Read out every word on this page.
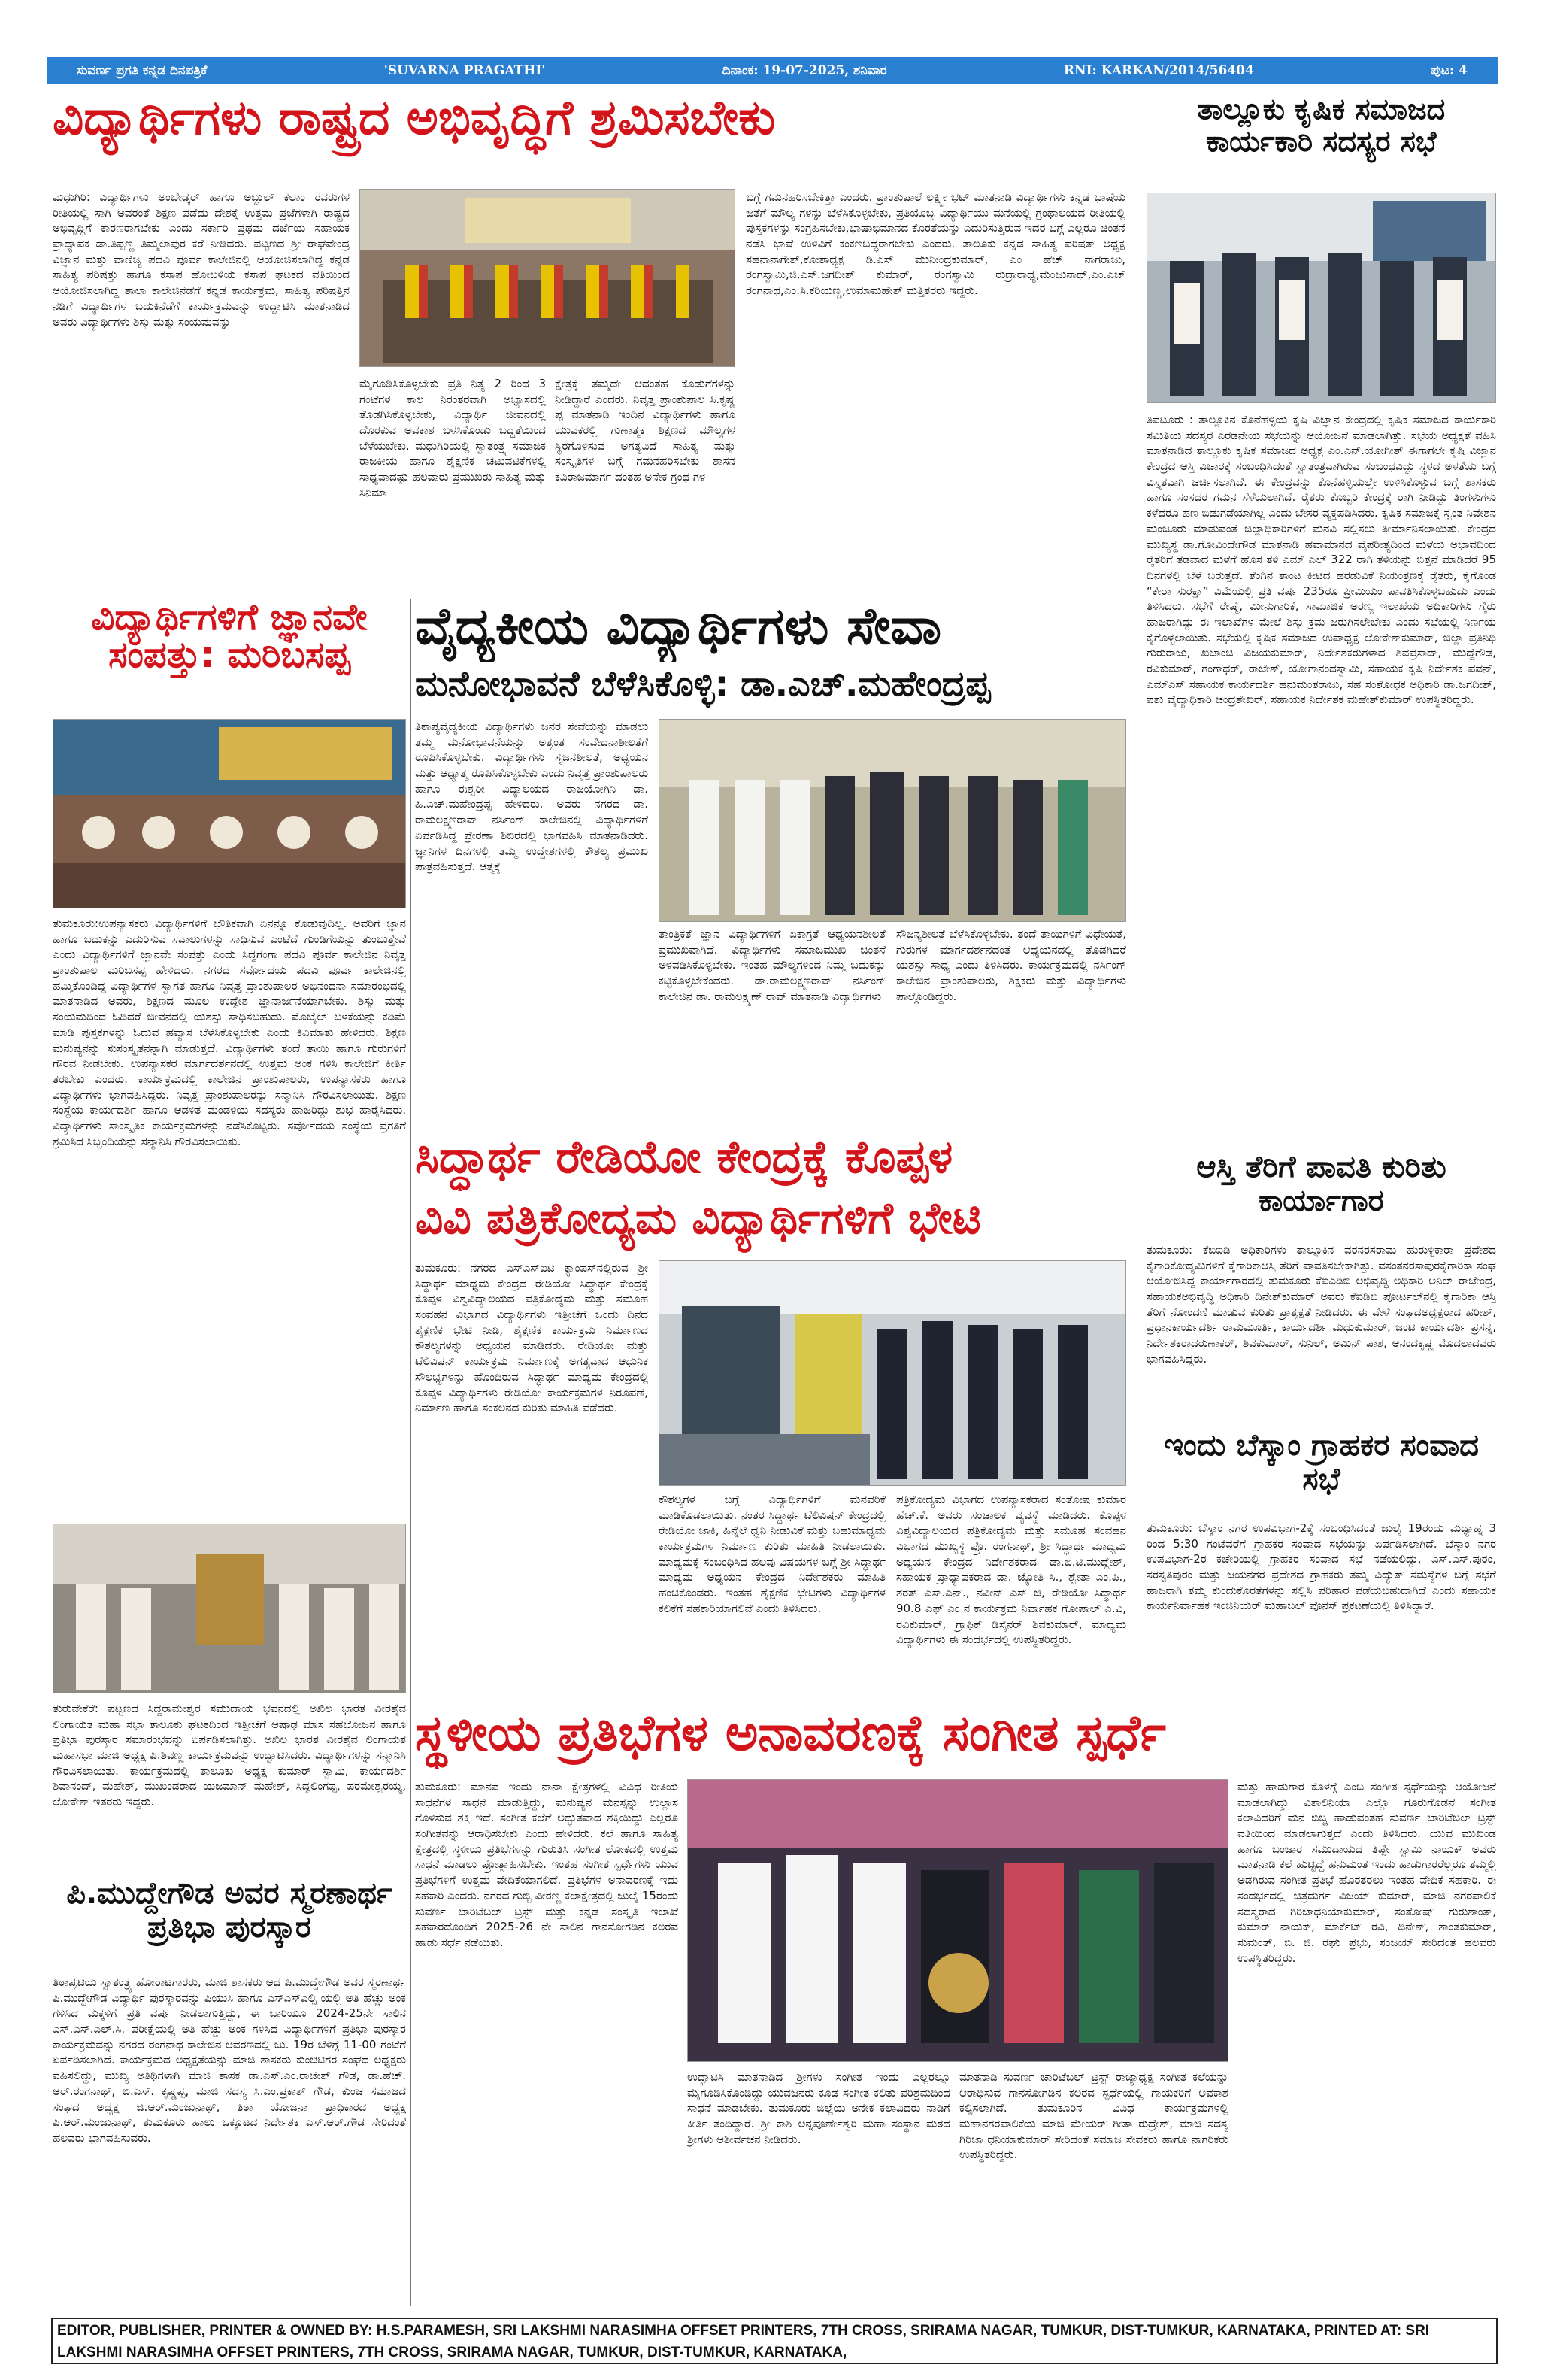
ಸುವರ್ಣ ಪ್ರಗತಿ ಕನ್ನಡ ದಿನಪತ್ರಿಕೆ	'SUVARNA PRAGATHI'	ದಿನಾಂಕ: 19-07-2025, ಶನಿವಾರ	RNI: KARKAN/2014/56404	ಪುಟ: 4
ವಿದ್ಯಾರ್ಥಿಗಳು ರಾಷ್ಟ್ರದ ಅಭಿವೃದ್ಧಿಗೆ ಶ್ರಮಿಸಬೇಕು
ಮಧುಗಿರಿ: ವಿದ್ಯಾರ್ಥಿಗಳು ಅಂಬೇಡ್ಕರ್ ಹಾಗೂ ಅಬ್ದುಲ್ ಕಲಾಂ ರವರುಗಳ ರೀತಿಯಲ್ಲಿ ಸಾಗಿ ಅವರಂತೆ ಶಿಕ್ಷಣ ಪಡೆದು ದೇಶಕ್ಕೆ ಉತ್ತಮ ಪ್ರಜೆಗಳಾಗಿ ರಾಷ್ಟ್ರದ ಅಭಿವೃದ್ಧಿಗೆ ಕಾರಣರಾಗಬೇಕು ಎಂದು ಸರ್ಕಾರಿ ಪ್ರಥಮ ದರ್ಜೆಯ ಸಹಾಯಕ ಪ್ರಾಧ್ಯಾಪಕ ಡಾ.ತಿಪ್ಪಣ್ಣ ತಿಮ್ಮಲಾಪುರ ಕರೆ ನೀಡಿದರು. ಪಟ್ಟಣದ ಶ್ರೀ ರಾಘವೇಂದ್ರ ವಿಜ್ಞಾನ ಮತ್ತು ವಾಣಿಜ್ಯ ಪದವಿ ಪೂರ್ವ ಕಾಲೇಜಿನಲ್ಲಿ ಆಯೋಜಿಸಲಾಗಿದ್ದ ಕನ್ನಡ ಸಾಹಿತ್ಯ ಪರಿಷತ್ತು ಹಾಗೂ ಕಸಾಪ ಹೋಬಳಿಯ ಕಸಾಪ ಘಟಕದ ವತಿಯಿಂದ ಆಯೋಜಿಸಲಾಗಿದ್ದ ಶಾಲಾ ಕಾಲೇಜಿನೆಡೆಗೆ ಕನ್ನಡ ಕಾರ್ಯಕ್ರಮ, ಸಾಹಿತ್ಯ ಪರಿಷತ್ತಿನ ನಡಿಗೆ ವಿದ್ಯಾರ್ಥಿಗಳ ಬದುಕಿನೆಡೆಗೆ ಕಾರ್ಯಕ್ರಮವನ್ನು ಉದ್ಘಾಟಿಸಿ ಮಾತನಾಡಿದ ಅವರು ವಿದ್ಯಾರ್ಥಿಗಳು ಶಿಸ್ತು ಮತ್ತು ಸಂಯಮವನ್ನು
ಮೈಗೂಡಿಸಿಕೊಳ್ಳಬೇಕು ಪ್ರತಿ ನಿತ್ಯ 2 ರಿಂದ 3 ಗಂಟೆಗಳ ಕಾಲ ನಿರಂತರವಾಗಿ ಅಭ್ಯಾಸದಲ್ಲಿ ತೊಡಗಿಸಿಕೊಳ್ಳಬೇಕು, ವಿದ್ಯಾರ್ಥಿ ಜೀವನದಲ್ಲಿ ದೊರಕುವ ಅವಕಾಶ ಬಳಸಿಕೊಂಡು ಬದ್ಧತೆಯಿಂದ ಬೆಳೆಯಬೇಕು. ಮಧುಗಿರಿಯಲ್ಲಿ ಸ್ವಾತಂತ್ರ್ಯ ಸಮಾಜಿಕ ರಾಜಕೀಯ ಹಾಗೂ ಶೈಕ್ಷಣಿಕ ಚಟುವಟಿಕೆಗಳಲ್ಲಿ ಸಾಧ್ಯವಾದಷ್ಟು ಹಲವಾರು ಪ್ರಮುಖರು ಸಾಹಿತ್ಯ ಮತ್ತು ಸಿನಿಮಾ
ಕ್ಷೇತ್ರಕ್ಕೆ ತಮ್ಮದೇ ಆದಂತಹ ಕೊಡುಗೆಗಳನ್ನು ನೀಡಿದ್ದಾರೆ ಎಂದರು. ನಿವೃತ್ತ ಪ್ರಾಂಶುಪಾಲ ಸಿ.ಕೃಷ್ಣ ಪ್ಪ ಮಾತನಾಡಿ ಇಂದಿನ ವಿದ್ಯಾರ್ಥಿಗಳು ಹಾಗೂ ಯುವಕರಲ್ಲಿ ಗುಣಾತ್ಮಕ ಶಿಕ್ಷಣದ ಮೌಲ್ಯಗಳ ಸ್ಥಿರಗೊಳಿಸುವ ಅಗತ್ಯವಿದೆ ಸಾಹಿತ್ಯ ಮತ್ತು ಸಂಸ್ಕೃತಿಗಳ ಬಗ್ಗೆ ಗಮನಹರಿಸಬೇಕು ಶಾಸನ ಕವಿರಾಜಮಾರ್ಗ ದಂತಹ ಅನೇಕ ಗ್ರಂಥ ಗಳ
ಬಗ್ಗೆ ಗಮನಹರಿಸಬೇಕಿತ್ತಾ ಎಂದರು. ಪ್ರಾಂಶುಪಾಲೆ ಲಕ್ಷ್ಮೀ ಭಟ್ ಮಾತನಾಡಿ ವಿದ್ಯಾರ್ಥಿಗಳು ಕನ್ನಡ ಭಾಷೆಯ ಜತೆಗೆ ಮೌಲ್ಯ ಗಳನ್ನು ಬೆಳೆಸಿಕೊಳ್ಳಬೇಕು, ಪ್ರತಿಯೊಬ್ಬ ವಿದ್ಯಾರ್ಥಿಯು ಮನೆಯಲ್ಲಿ ಗ್ರಂಥಾಲಯದ ರೀತಿಯಲ್ಲಿ ಪುಸ್ತಕಗಳನ್ನು ಸಂಗ್ರಹಿಸಬೇಕು,ಭಾಷಾಭಿಮಾನದ ಕೊರತೆಯನ್ನು ಎದುರಿಸುತ್ತಿರುವ ಇದರ ಬಗ್ಗೆ ಎಲ್ಲರೂ ಚಿಂತನೆ ನಡೆಸಿ ಭಾಷೆ ಉಳಿವಿಗೆ ಕಂಕಣಬದ್ಧರಾಗಬೇಕು ಎಂದರು. ತಾಲೂಕು ಕನ್ನಡ ಸಾಹಿತ್ಯ ಪರಿಷತ್ ಅಧ್ಯಕ್ಷ ಸಹನಾನಾಗೇಶ್,ಕೋಶಾಧ್ಯಕ್ಷ ಡಿ.ಎಸ್ ಮುನೀಂದ್ರಕುಮಾರ್, ಎಂ ಹೆಚ್ ನಾಗರಾಜು, ರಂಗಸ್ವಾಮಿ,ಜಿ.ಎಸ್.ಜಗದೀಶ್ ಕುಮಾರ್, ರಂಗಸ್ವಾಮಿ ರುದ್ರಾರಾಧ್ಯ,ಮಂಜುನಾಥ್,ಎಂ.ಎಚ್ ರಂಗನಾಥ,ಎಂ.ಸಿ.ಕರಿಯಣ್ಣ,ಉಮಾಮಹೇಶ್ ಮತ್ತಿತರರು ಇದ್ದರು.
ತಾಲ್ಲೂಕು ಕೃಷಿಕ ಸಮಾಜದ ಕಾರ್ಯಕಾರಿ ಸದಸ್ಯರ ಸಭೆ
ತಿಪಟೂರು : ತಾಲ್ಲೂಕಿನ ಕೊನೆಹಳ್ಳಿಯ ಕೃಷಿ ವಿಜ್ಞಾನ ಕೇಂದ್ರದಲ್ಲಿ ಕೃಷಿಕ ಸಮಾಜದ ಕಾರ್ಯಕಾರಿ ಸಮಿತಿಯ ಸದಸ್ಯರ ಎರಡನೇಯ ಸಭೆಯನ್ನು ಆಯೋಜನೆ ಮಾಡಲಾಗಿತ್ತು. ಸಭೆಯ ಅಧ್ಯಕ್ಷತೆ ವಹಿಸಿ ಮಾತನಾಡಿದ ತಾಲ್ಲೂಕು ಕೃಷಿಕ ಸಮಾಜದ ಅಧ್ಯಕ್ಷ ಎಂ.ಎನ್.ಯೋಗೀಶ್ ಈಗಾಗಲೇ ಕೃಷಿ ವಿಜ್ಞಾನ ಕೇಂದ್ರದ ಆಸ್ತಿ ವಿಚಾರಕ್ಕೆ ಸಂಬಂಧಿಸಿದಂತೆ ಸ್ವಾತಂತ್ರವಾಗಿರುವ ಸಂಬಂಧವಿದ್ದು ಸ್ಥಳದ ಅಳತೆಯ ಬಗ್ಗೆ ವಿಸ್ತೃತವಾಗಿ ಚರ್ಚಿಸಲಾಗಿದೆ. ಈ ಕೇಂದ್ರವನ್ನು ಕೊನೆಹಳ್ಳಿಯಲ್ಲೇ ಉಳಿಸಿಕೊಳ್ಳುವ ಬಗ್ಗೆ ಶಾಸಕರು ಹಾಗೂ ಸಂಸದರ ಗಮನ ಸೆಳೆಯಲಾಗಿದೆ. ರೈತರು ಕೊಬ್ಬರಿ ಕೇಂದ್ರಕ್ಕೆ ರಾಗಿ ನೀಡಿದ್ದು ತಿಂಗಳುಗಳು ಕಳೆದರೂ ಹಣ ಬಿಡುಗಡೆಯಾಗಿಲ್ಲ ಎಂದು ಬೇಸರ ವ್ಯಕ್ತಪಡಿಸಿದರು. ಕೃಷಿಕ ಸಮಾಜಕ್ಕೆ ಸ್ವಂತ ನಿವೇಶನ ಮಂಜೂರು ಮಾಡುವಂತೆ ಜಿಲ್ಲಾಧಿಕಾರಿಗಳಿಗೆ ಮನವಿ ಸಲ್ಲಿಸಲು ತೀರ್ಮಾನಿಸಲಾಯಿತು. ಕೇಂದ್ರದ ಮುಖ್ಯಸ್ಥ ಡಾ.ಗೋವಿಂದೇಗೌಡ ಮಾತನಾಡಿ ಹವಾಮಾನದ ವೈಪರೀತ್ಯದಿಂದ ಮಳೆಯ ಅಭಾವದಿಂದ ರೈತರಿಗೆ ತಡವಾದ ಮಳೆಗೆ ಹೊಸ ತಳಿ ಎಮ್ ಎಲ್ 322 ರಾಗಿ ತಳಿಯನ್ನು ಬಿತ್ತನೆ ಮಾಡಿದರೆ 95 ದಿನಗಳಲ್ಲಿ ಬೆಳೆ ಬರುತ್ತದೆ. ತೆಂಗಿನ ತಾಂಟ ಕೀಟದ ಹರಡುವಿಕೆ ನಿಯಂತ್ರಣಕ್ಕೆ ರೈತರು, ಕೈಗೊಂಡ “ಕೇರಾ ಸುರಕ್ಷಾ” ವಿಮೆಯಲ್ಲಿ ಪ್ರತಿ ವರ್ಷ 235ರೂ ಪ್ರೀಮಿಯಂ ಪಾವತಿಸಿಕೊಳ್ಳಬಹುದು ಎಂದು ತಿಳಿಸಿದರು. ಸಭೆಗೆ ರೇಷ್ಮೆ, ಮೀನುಗಾರಿಕೆ, ಸಾಮಾಜಿಕ ಅರಣ್ಯ ಇಲಾಖೆಯ ಅಧಿಕಾರಿಗಳು ಗೈರು ಹಾಜರಾಗಿದ್ದು ಈ ಇಲಾಖೆಗಳ ಮೇಲೆ ಶಿಸ್ತು ಕ್ರಮ ಜರುಗಿಸಲೇಬೇಕು ಎಂದು ಸಭೆಯಲ್ಲಿ ನಿರ್ಣಯ ಕೈಗೊಳ್ಳಲಾಯಿತು. ಸಭೆಯಲ್ಲಿ ಕೃಷಿಕ ಸಮಾಜದ ಉಪಾಧ್ಯಕ್ಷ ಲೋಕೇಶ್‌ಕುಮಾರ್, ಜಿಲ್ಲಾ ಪ್ರತಿನಿಧಿ ಗುರುರಾಜು, ಖಜಾಂಚಿ ವಿಜಯಕುಮಾರ್, ನಿರ್ದೇಶಕರುಗಳಾದ ಶಿವಪ್ರಸಾದ್, ಮುದ್ದೆಗೌಡ, ರವಿಕುಮಾರ್, ಗಂಗಾಧರ್, ರಾಜೇಶ್, ಯೋಗಾನಂದಸ್ವಾಮಿ, ಸಹಾಯಕ ಕೃಷಿ ನಿರ್ದೇಶಕ ಪವನ್, ಎಮ್ಎಸ್ ಸಹಾಯಕ ಕಾರ್ಯದರ್ಶಿ ಹನುಮಂತರಾಜು, ಸಹ ಸಂಶೋಧಕ ಅಧಿಕಾರಿ ಡಾ.ಜಗದೀಶ್, ಪಶು ವೈದ್ಯಾಧಿಕಾರಿ ಚಂದ್ರಶೇಖರ್, ಸಹಾಯಕ ನಿರ್ದೇಶಕ ಮಹೇಶ್‌ಕುಮಾರ್ ಉಪಸ್ಥಿತರಿದ್ದರು.
ವಿದ್ಯಾರ್ಥಿಗಳಿಗೆ ಜ್ಞಾನವೇ ಸಂಪತ್ತು: ಮರಿಬಸಪ್ಪ
ತುಮಕೂರು:ಉಪನ್ಯಾಸಕರು ವಿದ್ಯಾರ್ಥಿಗಳಿಗೆ ಭೌತಿಕವಾಗಿ ಏನನ್ನೂ ಕೊಡುವುದಿಲ್ಲ. ಅವರಿಗೆ ಜ್ಞಾನ ಹಾಗೂ ಬದುಕನ್ನು ಎದುರಿಸುವ ಸವಾಲುಗಳನ್ನು ಸಾಧಿಸುವ ಎಂಟೆದೆ ಗುಂಡಿಗೆಯನ್ನು ತುಂಬುತ್ತೇವೆ ಎಂದು ವಿದ್ಯಾರ್ಥಿಗಳಿಗೆ ಜ್ಞಾನವೇ ಸಂಪತ್ತು ಎಂದು ಸಿದ್ದಗಂಗಾ ಪದವಿ ಪೂರ್ವ ಕಾಲೇಜಿನ ನಿವೃತ್ತ ಪ್ರಾಂಶುಪಾಲ ಮರಿಬಸಪ್ಪ ಹೇಳಿದರು. ನಗರದ ಸರ್ವೋದಯ ಪದವಿ ಪೂರ್ವ ಕಾಲೇಜಿನಲ್ಲಿ ಹಮ್ಮಿಕೊಂಡಿದ್ದ ವಿದ್ಯಾರ್ಥಿಗಳ ಸ್ವಾಗತ ಹಾಗೂ ನಿವೃತ್ತ ಪ್ರಾಂಶುಪಾಲರ ಅಭಿನಂದನಾ ಸಮಾರಂಭದಲ್ಲಿ ಮಾತನಾಡಿದ ಅವರು, ಶಿಕ್ಷಣದ ಮೂಲ ಉದ್ದೇಶ ಜ್ಞಾನಾರ್ಜನೆಯಾಗಬೇಕು. ಶಿಸ್ತು ಮತ್ತು ಸಂಯಮದಿಂದ ಓದಿದರೆ ಜೀವನದಲ್ಲಿ ಯಶಸ್ಸು ಸಾಧಿಸಬಹುದು. ಮೊಬೈಲ್ ಬಳಕೆಯನ್ನು ಕಡಿಮೆ ಮಾಡಿ ಪುಸ್ತಕಗಳನ್ನು ಓದುವ ಹವ್ಯಾಸ ಬೆಳೆಸಿಕೊಳ್ಳಬೇಕು ಎಂದು ಕಿವಿಮಾತು ಹೇಳಿದರು. ಶಿಕ್ಷಣ ಮನುಷ್ಯನನ್ನು ಸುಸಂಸ್ಕೃತನನ್ನಾಗಿ ಮಾಡುತ್ತದೆ. ವಿದ್ಯಾರ್ಥಿಗಳು ತಂದೆ ತಾಯಿ ಹಾಗೂ ಗುರುಗಳಿಗೆ ಗೌರವ ನೀಡಬೇಕು. ಉಪನ್ಯಾಸಕರ ಮಾರ್ಗದರ್ಶನದಲ್ಲಿ ಉತ್ತಮ ಅಂಕ ಗಳಿಸಿ ಕಾಲೇಜಿಗೆ ಕೀರ್ತಿ ತರಬೇಕು ಎಂದರು. ಕಾರ್ಯಕ್ರಮದಲ್ಲಿ ಕಾಲೇಜಿನ ಪ್ರಾಂಶುಪಾಲರು, ಉಪನ್ಯಾಸಕರು ಹಾಗೂ ವಿದ್ಯಾರ್ಥಿಗಳು ಭಾಗವಹಿಸಿದ್ದರು. ನಿವೃತ್ತ ಪ್ರಾಂಶುಪಾಲರನ್ನು ಸನ್ಮಾನಿಸಿ ಗೌರವಿಸಲಾಯಿತು. ಶಿಕ್ಷಣ ಸಂಸ್ಥೆಯ ಕಾರ್ಯದರ್ಶಿ ಹಾಗೂ ಆಡಳಿತ ಮಂಡಳಿಯ ಸದಸ್ಯರು ಹಾಜರಿದ್ದು ಶುಭ ಹಾರೈಸಿದರು. ವಿದ್ಯಾರ್ಥಿಗಳು ಸಾಂಸ್ಕೃತಿಕ ಕಾರ್ಯಕ್ರಮಗಳನ್ನು ನಡೆಸಿಕೊಟ್ಟರು. ಸರ್ವೋದಯ ಸಂಸ್ಥೆಯ ಪ್ರಗತಿಗೆ ಶ್ರಮಿಸಿದ ಸಿಬ್ಬಂದಿಯನ್ನು ಸನ್ಮಾನಿಸಿ ಗೌರವಿಸಲಾಯಿತು.
ವೈದ್ಯಕೀಯ ವಿದ್ಯಾರ್ಥಿಗಳು ಸೇವಾ
ಮನೋಭಾವನೆ ಬೆಳೆಸಿಕೊಳ್ಳಿ: ಡಾ.ಎಚ್.ಮಹೇಂದ್ರಪ್ಪ
ತಿಠಾಪ್ಯವೈದ್ಯಕೀಯ ವಿದ್ಯಾರ್ಥಿಗಳು ಜನರ ಸೇವೆಯನ್ನು ಮಾಡಲು ತಮ್ಮ ಮನೋಭಾವನೆಯನ್ನು ಅತ್ಯಂತ ಸಂವೇದನಾಶೀಲತೆಗೆ ರೂಪಿಸಿಕೊಳ್ಳಬೇಕು. ವಿದ್ಯಾರ್ಥಿಗಳು ಸೃಜನಶೀಲತೆ, ಅಧ್ಯಯನ ಮತ್ತು ಆಧ್ಯಾತ್ಮ ರೂಪಿಸಿಕೊಳ್ಳಬೇಕು ಎಂದು ನಿವೃತ್ತ ಪ್ರಾಂಶುಪಾಲರು ಹಾಗೂ ಈಶ್ವರೀ ವಿದ್ಯಾಲಯದ ರಾಜಯೋಗಿನಿ ಡಾ. ಹಿ.ಎಚ್.ಮಹೇಂದ್ರಪ್ಪ ಹೇಳಿದರು. ಅವರು ನಗರದ ಡಾ. ರಾಮಲಕ್ಷ್ಮಣರಾವ್ ನರ್ಸಿಂಗ್ ಕಾಲೇಜಿನಲ್ಲಿ ವಿದ್ಯಾರ್ಥಿಗಳಿಗೆ ಏರ್ಪಡಿಸಿದ್ದ ಪ್ರೇರಣಾ ಶಿಬಿರದಲ್ಲಿ ಭಾಗವಹಿಸಿ ಮಾತನಾಡಿದರು. ಜ್ಞಾನಿಗಳ ದಿನಗಳಲ್ಲಿ ತಮ್ಮ ಉದ್ದೇಶಗಳಲ್ಲಿ ಕೌಶಲ್ಯ ಪ್ರಮುಖ ಪಾತ್ರವಹಿಸುತ್ತದೆ. ಆತ್ಮಕ್ಕೆ
ತಾಂತ್ರಿಕತೆ ಜ್ಞಾನ ವಿದ್ಯಾರ್ಥಿಗಳಿಗೆ ಏಕಾಗ್ರತೆ ಆಧ್ಯಯನಶೀಲತೆ ಪ್ರಮುಖವಾಗಿದೆ. ವಿದ್ಯಾರ್ಥಿಗಳು ಸಮಾಜಮುಖಿ ಚಿಂತನೆ ಅಳವಡಿಸಿಕೊಳ್ಳಬೇಕು. ಇಂತಹ ಮೌಲ್ಯಗಳಿಂದ ನಿಮ್ಮ ಬದುಕನ್ನು ಕಟ್ಟಿಕೊಳ್ಳಬೇಕೆಂದರು. ಡಾ.ರಾಮಲಕ್ಷ್ಮಣರಾವ್ ನರ್ಸಿಂಗ್ ಕಾಲೇಜಿನ ಡಾ. ರಾಮಲಕ್ಷ್ಮಣ್ ರಾವ್ ಮಾತನಾಡಿ ವಿದ್ಯಾರ್ಥಿಗಳು
ಸೌಜನ್ಯಶೀಲತೆ ಬೆಳೆಸಿಕೊಳ್ಳಬೇಕು. ತಂದೆ ತಾಯಿಗಳಿಗೆ ವಿಧೇಯತೆ, ಗುರುಗಳ ಮಾರ್ಗದರ್ಶನದಂತೆ ಆಧ್ಯಯನದಲ್ಲಿ ತೊಡಗಿದರೆ ಯಶಸ್ಸು ಸಾಧ್ಯ ಎಂದು ತಿಳಿಸಿದರು. ಕಾರ್ಯಕ್ರಮದಲ್ಲಿ ನರ್ಸಿಂಗ್ ಕಾಲೇಜಿನ ಪ್ರಾಂಶುಪಾಲರು, ಶಿಕ್ಷಕರು ಮತ್ತು ವಿದ್ಯಾರ್ಥಿಗಳು ಪಾಲ್ಗೊಂಡಿದ್ದರು.
ಆಸ್ತಿ ತೆರಿಗೆ ಪಾವತಿ ಕುರಿತು ಕಾರ್ಯಾಗಾರ
ಸಿದ್ಧಾರ್ಥ ರೇಡಿಯೋ ಕೇಂದ್ರಕ್ಕೆ ಕೊಪ್ಪಳ
ವಿವಿ ಪತ್ರಿಕೋದ್ಯಮ ವಿದ್ಯಾರ್ಥಿಗಳಿಗೆ ಭೇಟಿ
ತುಮಕೂರು: ನಗರದ ಎಸ್ಎಸ್ಐಟಿ ಕ್ಯಾಂಪಸ್‌ನಲ್ಲಿರುವ ಶ್ರೀ ಸಿದ್ಧಾರ್ಥ ಮಾಧ್ಯಮ ಕೇಂದ್ರದ ರೇಡಿಯೋ ಸಿದ್ಧಾರ್ಥ ಕೇಂದ್ರಕ್ಕೆ ಕೊಪ್ಪಳ ವಿಶ್ವವಿದ್ಯಾಲಯದ ಪತ್ರಿಕೋದ್ಯಮ ಮತ್ತು ಸಮೂಹ ಸಂವಹನ ವಿಭಾಗದ ವಿದ್ಯಾರ್ಥಿಗಳು ಇತ್ತೀಚೆಗೆ ಒಂದು ದಿನದ ಶೈಕ್ಷಣಿಕ ಭೇಟಿ ನೀಡಿ, ಶೈಕ್ಷಣಿಕ ಕಾರ್ಯಕ್ರಮ ನಿರ್ಮಾಣದ ಕೌಶಲ್ಯಗಳನ್ನು ಅಧ್ಯಯನ ಮಾಡಿದರು. ರೇಡಿಯೋ ಮತ್ತು ಟೆಲಿವಿಷನ್ ಕಾರ್ಯಕ್ರಮ ನಿರ್ಮಾಣಕ್ಕೆ ಅಗತ್ಯವಾದ ಆಧುನಿಕ ಸೌಲಭ್ಯಗಳನ್ನು ಹೊಂದಿರುವ ಸಿದ್ಧಾರ್ಥ ಮಾಧ್ಯಮ ಕೇಂದ್ರದಲ್ಲಿ ಕೊಪ್ಪಳ ವಿದ್ಯಾರ್ಥಿಗಳು ರೇಡಿಯೋ ಕಾರ್ಯಕ್ರಮಗಳ ನಿರೂಪಣೆ, ನಿರ್ಮಾಣ ಹಾಗೂ ಸಂಕಲನದ ಕುರಿತು ಮಾಹಿತಿ ಪಡೆದರು.
ಕೌಶಲ್ಯಗಳ ಬಗ್ಗೆ ವಿದ್ಯಾರ್ಥಿಗಳಿಗೆ ಮನವರಿಕೆ ಮಾಡಿಕೊಡಲಾಯಿತು. ನಂತರ ಸಿದ್ಧಾರ್ಥ ಟೆಲಿವಿಷನ್ ಕೇಂದ್ರದಲ್ಲಿ ರೇಡಿಯೋ ಜಾಕಿ, ಹಿನ್ನೆಲೆ ಧ್ವನಿ ನೀಡುವಿಕೆ ಮತ್ತು ಬಹುಮಾಧ್ಯಮ ಕಾರ್ಯಕ್ರಮಗಳ ನಿರ್ಮಾಣ ಕುರಿತು ಮಾಹಿತಿ ನೀಡಲಾಯಿತು. ಮಾಧ್ಯಮಕ್ಕೆ ಸಂಬಂಧಿಸಿದ ಹಲವು ವಿಷಯಗಳ ಬಗ್ಗೆ ಶ್ರೀ ಸಿದ್ಧಾರ್ಥ ಮಾಧ್ಯಮ ಅಧ್ಯಯನ ಕೇಂದ್ರದ ನಿರ್ದೇಶಕರು ಮಾಹಿತಿ ಹಂಚಿಕೊಂಡರು. ಇಂತಹ ಶೈಕ್ಷಣಿಕ ಭೇಟಿಗಳು ವಿದ್ಯಾರ್ಥಿಗಳ ಕಲಿಕೆಗೆ ಸಹಕಾರಿಯಾಗಲಿವೆ ಎಂದು ತಿಳಿಸಿದರು.
ಪತ್ರಿಕೋದ್ಯಮ ವಿಭಾಗದ ಉಪನ್ಯಾಸಕರಾದ ಸಂತೋಷ ಕುಮಾರ ಹೆಚ್.ಕೆ. ಅವರು ಸಂಚಾಲಕ ವ್ಯವಸ್ಥೆ ಮಾಡಿದರು. ಕೊಪ್ಪಳ ವಿಶ್ವವಿದ್ಯಾಲಯದ ಪತ್ರಿಕೋದ್ಯಮ ಮತ್ತು ಸಮೂಹ ಸಂವಹನ ವಿಭಾಗದ ಮುಖ್ಯಸ್ಥ ಪ್ರೊ. ರಂಗನಾಥ್, ಶ್ರೀ ಸಿದ್ಧಾರ್ಥ ಮಾಧ್ಯಮ ಅಧ್ಯಯನ ಕೇಂದ್ರದ ನಿರ್ದೇಶಕರಾದ ಡಾ.ಬಿ.ಟಿ.ಮುದ್ದೇಶ್, ಸಹಾಯಕ ಪ್ರಾಧ್ಯಾಪಕರಾದ ಡಾ. ಜ್ಯೋತಿ ಸಿ., ಶ್ವೇತಾ ಎಂ.ಪಿ., ಶರತ್ ಎಸ್.ಎನ್., ನವೀನ್ ಎಸ್ ಜಿ, ರೇಡಿಯೋ ಸಿದ್ಧಾರ್ಥ 90.8 ಎಫ್ ಎಂ ನ ಕಾರ್ಯಕ್ರಮ ನಿರ್ವಾಹಕ ಗೋಪಾಲ್ ಎ.ವಿ, ರವಿಕುಮಾರ್, ಗ್ರಾಫಿಕ್ ಡಿಸೈನರ್ ಶಿವಕುಮಾರ್, ಮಾಧ್ಯಮ ವಿದ್ಯಾರ್ಥಿಗಳು ಈ ಸಂದರ್ಭದಲ್ಲಿ ಉಪಸ್ಥಿತರಿದ್ದರು.
ತುರುವೇಕೆರೆ: ಪಟ್ಟಣದ ಸಿದ್ದರಾಮೇಶ್ವರ ಸಮುದಾಯ ಭವನದಲ್ಲಿ ಅಖಿಲ ಭಾರತ ವೀರಶೈವ ಲಿಂಗಾಯತ ಮಹಾ ಸಭಾ ತಾಲೂಕು ಘಟಕದಿಂದ ಇತ್ತೀಚೆಗೆ ಆಷಾಢ ಮಾಸ ಸಹಭೋಜನ ಹಾಗೂ ಪ್ರತಿಭಾ ಪುರಸ್ಕಾರ ಸಮಾರಂಭವನ್ನು ಏರ್ಪಡಿಸಲಾಗಿತ್ತು. ಅಖಿಲ ಭಾರತ ವೀರಶೈವ ಲಿಂಗಾಯತ ಮಹಾಸಭಾ ಮಾಜಿ ಅಧ್ಯಕ್ಷ ಪಿ.ಶಿವಣ್ಣ ಕಾರ್ಯಕ್ರಮವನ್ನು ಉದ್ಘಾಟಿಸಿದರು. ವಿದ್ಯಾರ್ಥಿಗಳನ್ನು ಸನ್ಮಾನಿಸಿ ಗೌರವಿಸಲಾಯಿತು. ಕಾರ್ಯಕ್ರಮದಲ್ಲಿ ತಾಲೂಕು ಅಧ್ಯಕ್ಷ ಕುಮಾರ್ ಸ್ವಾಮಿ, ಕಾರ್ಯದರ್ಶಿ ಶಿವಾನಂದ್, ಮಹೇಶ್, ಮುಖಂಡರಾದ ಯಜಮಾನ್ ಮಹೇಶ್, ಸಿದ್ದಲಿಂಗಪ್ಪ, ಪರಮೇಶ್ವರಯ್ಯ, ಲೋಕೇಶ್ ಇತರರು ಇದ್ದರು.
ಪಿ.ಮುದ್ದೇಗೌಡ ಅವರ ಸ್ಮರಣಾರ್ಥ ಪ್ರತಿಭಾ ಪುರಸ್ಕಾರ
ತಿಠಾಪ್ಯಟಿಯ ಸ್ವಾತಂತ್ರ್ಯ ಹೋರಾಟಗಾರರು, ಮಾಜಿ ಶಾಸಕರು ಆದ ಪಿ.ಮುದ್ದೇಗೌಡ ಅವರ ಸ್ಮರಣಾರ್ಥ ಪಿ.ಮುದ್ದೇಗೌಡ ವಿದ್ಯಾರ್ಥಿ ಪುರಸ್ಕಾರವನ್ನು ಪಿಯುಸಿ ಹಾಗೂ ಎಸ್ಎಸ್ಎಲ್ಸಿ ಯಲ್ಲಿ ಅತಿ ಹೆಚ್ಚು ಅಂಕ ಗಳಿಸಿದ ಮಕ್ಕಳಿಗೆ ಪ್ರತಿ ವರ್ಷ ನೀಡಲಾಗುತ್ತಿದ್ದು, ಈ ಬಾರಿಯೂ 2024-25ನೇ ಸಾಲಿನ ಎಸ್.ಎಸ್.ಎಲ್.ಸಿ. ಪರೀಕ್ಷೆಯಲ್ಲಿ ಅತಿ ಹೆಚ್ಚು ಅಂಕ ಗಳಿಸಿದ ವಿದ್ಯಾರ್ಥಿಗಳಿಗೆ ಪ್ರತಿಭಾ ಪುರಸ್ಕಾರ ಕಾರ್ಯಕ್ರಮವನ್ನು ನಗರದ ರಂಗನಾಥ ಕಾಲೇಜಿನ ಆವರಣದಲ್ಲಿ ಜು. 19ರ ಬೆಳಿಗ್ಗೆ 11-00 ಗಂಟೆಗೆ ಏರ್ಪಡಿಸಲಾಗಿದೆ. ಕಾರ್ಯಕ್ರಮದ ಅಧ್ಯಕ್ಷತೆಯನ್ನು ಮಾಜಿ ಶಾಸಕರು ಕುಂಚಿಟಿಗರ ಸಂಘದ ಅಧ್ಯಕ್ಷರು ವಹಿಸಲಿದ್ದು, ಮುಖ್ಯ ಅತಿಥಿಗಳಾಗಿ ಮಾಜಿ ಶಾಸಕ ಡಾ.ಎಸ್.ಎಂ.ರಾಜೇಶ್ ಗೌಡ, ಡಾ.ಹೆಚ್. ಆರ್.ರಂಗನಾಥ್, ಬಿ.ಎಸ್. ಕೃಷ್ಣಪ್ಪ, ಮಾಜಿ ಸದಸ್ಯ ಸಿ.ಎಂ.ಪ್ರಕಾಶ್ ಗೌಡ, ಕುಂಚ ಸಮಾಜದ ಸಂಘದ ಅಧ್ಯಕ್ಷ ಜಿ.ಆರ್.ಮಂಜುನಾಥ್, ತಿಠಾ ಯೋಜನಾ ಪ್ರಾಧಿಕಾರದ ಅಧ್ಯಕ್ಷ ಪಿ.ಆರ್.ಮಂಜುನಾಥ್, ತುಮಕೂರು ಹಾಲು ಒಕ್ಕೂಟದ ನಿರ್ದೇಶಕ ಎಸ್.ಆರ್.ಗೌಡ ಸೇರಿದಂತೆ ಹಲವರು ಭಾಗವಹಿಸುವರು.
ತುಮಕೂರು: ಕೆಬಿಐಡಿ ಅಧಿಕಾರಿಗಳು ತಾಲ್ಲೂಕಿನ ವರನರಸರಾಮ ಹುರುಳ್ಳಿಕಾರಾ ಪ್ರದೇಶದ ಕೈಗಾರಿಕೋದ್ಯಮಿಗಳಿಗೆ ಕೈಗಾರಿಕಾಆಸ್ತಿ ತೆರಿಗೆ ಪಾವತಿಸಬೇಕಾಗಿತ್ತು. ವಸಂತನರಸಾಪುರಕೈಗಾರಿಕಾ ಸಂಘ ಆಯೋಜಿಸಿದ್ದ ಕಾರ್ಯಾಗಾರದಲ್ಲಿ ತುಮಕೂರು ಕೆಐಎಡಿಬಿ ಅಭಿವೃದ್ಧಿ ಅಧಿಕಾರಿ ಅನಿಲ್ ರಾಜೇಂದ್ರ, ಸಹಾಯಕಅಭಿವೃದ್ಧಿ ಅಧಿಕಾರಿ ದಿನೇಶ್‌ಕುಮಾರ್ ಅವರು ಕೆಐಡಿಬಿ ಪೋರ್ಟಲ್‌ನಲ್ಲಿ ಕೈಗಾರಿಕಾ ಆಸ್ತಿ ತೆರಿಗೆ ನೋಂದಣಿ ಮಾಡುವ ಕುರಿತು ಪ್ರಾತ್ಯಕ್ಷತೆ ನೀಡಿದರು. ಈ ವೇಳೆ ಸಂಘದಅಧ್ಯಕ್ಷರಾದ ಹರೀಶ್, ಪ್ರಧಾನಕಾರ್ಯದರ್ಶಿ ರಾಮಮೂರ್ತಿ, ಕಾರ್ಯದರ್ಶಿ ಮಧುಕುಮಾರ್, ಜಂಟಿ ಕಾರ್ಯದರ್ಶಿ ಪ್ರಸನ್ನ, ನಿರ್ದೇಶಕರಾದರುಣಾಕರ್, ಶಿವಕುಮಾರ್, ಸುನಿಲ್, ಅಮಿನ್ ಪಾಶ, ಆನಂದಕೃಷ್ಣ ಮೊದಲಾದವರು ಭಾಗವಹಿಸಿದ್ದರು.
ಸ್ಥಳೀಯ ಪ್ರತಿಭೆಗಳ ಅನಾವರಣಕ್ಕೆ ಸಂಗೀತ ಸ್ಪರ್ಧೆ
ತುಮಕೂರು: ಮಾನವ ಇಂದು ನಾನಾ ಕ್ಷೇತ್ರಗಳಲ್ಲಿ ವಿವಿಧ ರೀತಿಯ ಸಾಧನೆಗಳ ಸಾಧನೆ ಮಾಡುತ್ತಿದ್ದು, ಮನುಷ್ಯನ ಮನಸ್ಸನ್ನು ಉಲ್ಲಾಸ ಗೊಳಿಸುವ ಶಕ್ತಿ ಇದೆ. ಸಂಗೀತ ಕಲೆಗೆ ಅದ್ಭುತವಾದ ಶಕ್ತಿಯಿದ್ದು ಎಲ್ಲರೂ ಸಂಗೀತವನ್ನು ಆರಾಧಿಸಬೇಕು ಎಂದು ಹೇಳಿದರು. ಕಲೆ ಹಾಗೂ ಸಾಹಿತ್ಯ ಕ್ಷೇತ್ರದಲ್ಲಿ ಸ್ಥಳೀಯ ಪ್ರತಿಭೆಗಳನ್ನು ಗುರುತಿಸಿ ಸಂಗೀತ ಲೋಕದಲ್ಲಿ ಉತ್ತಮ ಸಾಧನೆ ಮಾಡಲು ಪ್ರೋತ್ಸಾಹಿಸಬೇಕು. ಇಂತಹ ಸಂಗೀತ ಸ್ಪರ್ಧೆಗಳು ಯುವ ಪ್ರತಿಭೆಗಳಿಗೆ ಉತ್ತಮ ವೇದಿಕೆಯಾಗಲಿದೆ. ಪ್ರತಿಭೆಗಳ ಅನಾವರಣಕ್ಕೆ ಇದು ಸಹಕಾರಿ ಎಂದರು. ನಗರದ ಗುಬ್ಬಿ ವೀರಣ್ಣ ಕಲಾಕ್ಷೇತ್ರದಲ್ಲಿ ಜುಲೈ 15ರಂದು ಸುವರ್ಣ ಚಾರಿಟೆಬಲ್ ಟ್ರಸ್ಟ್ ಮತ್ತು ಕನ್ನಡ ಸಂಸ್ಕೃತಿ ಇಲಾಖೆ ಸಹಕಾರದೊಂದಿಗೆ 2025-26 ನೇ ಸಾಲಿನ ಗಾನಸೋಗಡಿನ ಕಲರವ ಹಾಡು ಸರ್ಧೆ ನಡೆಯಿತು.
ಉದ್ಘಾಟಿಸಿ ಮಾತನಾಡಿದ ಶ್ರೀಗಳು ಸಂಗೀತ ಇಂದು ಎಲ್ಲರಲ್ಲೂ ಮೈಗೂಡಿಸಿಕೊಂಡಿದ್ದು ಯುವಜನರು ಕೂಡ ಸಂಗೀತ ಕಲಿತು ಪರಿಶ್ರಮದಿಂದ ಸಾಧನೆ ಮಾಡಬೇಕು. ತುಮಕೂರು ಜಿಲ್ಲೆಯ ಅನೇಕ ಕಲಾವಿದರು ನಾಡಿಗೆ ಕೀರ್ತಿ ತಂದಿದ್ದಾರೆ. ಶ್ರೀ ಕಾಶಿ ಅನ್ನಪೂರ್ಣೇಶ್ವರಿ ಮಹಾ ಸಂಸ್ಥಾನ ಮಠದ ಶ್ರೀಗಳು ಆಶೀರ್ವಚನ ನೀಡಿದರು.
ಮಾತನಾಡಿ ಸುವರ್ಣ ಚಾರಿಟೆಬಲ್ ಟ್ರಸ್ಟ್ ರಾಜ್ಯಾಧ್ಯಕ್ಷ ಸಂಗೀತ ಕಲೆಯನ್ನು ಆರಾಧಿಸುವ ಗಾನಸೋಗಡಿನ ಕಲರವ ಸ್ಪರ್ಧೆಯಲ್ಲಿ ಗಾಯಕರಿಗೆ ಅವಕಾಶ ಕಲ್ಪಿಸಲಾಗಿದೆ. ತುಮಕೂರಿನ ವಿವಿಧ ಕಾರ್ಯಕ್ರಮಗಳಲ್ಲಿ ಮಹಾನಗರಪಾಲಿಕೆಯ ಮಾಜಿ ಮೇಯರ್ ಗೀತಾ ರುದ್ರೇಶ್, ಮಾಜಿ ಸದಸ್ಯ ಗಿರಿಜಾ ಧನಿಯಾಕುಮಾರ್ ಸೇರಿದಂತೆ ಸಮಾಜ ಸೇವಕರು ಹಾಗೂ ನಾಗರಿಕರು ಉಪಸ್ಥಿತರಿದ್ದರು.
ಮತ್ತು ಹಾಡುಗಾರ ಕೊಳಗ್ಗೆ ಎಂಬ ಸಂಗೀತ ಸ್ಪರ್ಧೆಯನ್ನು ಆಯೋಜನೆ ಮಾಡಲಾಗಿದ್ದು ವಿಶಾಲಿನಿಯಾ ಎಲ್ಲೊ ಗೂರುಗೊಡನೆ ಸಂಗೀತ ಕಲಾವಿದರಿಗೆ ಮನ ಬಿಚ್ಚಿ ಹಾಡುವಂತಹ ಸುವರ್ಣ ಚಾರಿಟೆಬಲ್ ಟ್ರಸ್ಟ್ ವತಿಯಿಂದ ಮಾಡಲಾಗುತ್ತದೆ ಎಂದು ತಿಳಿಸಿದರು. ಯುವ ಮುಖಂಡ ಹಾಗೂ ಬಂಜಾರ ಸಮುದಾಯದ ತಿಪ್ಪೇ ಸ್ವಾಮಿ ನಾಯಕ್ ಅವರು ಮಾತನಾಡಿ ಕಲೆ ಹುಟ್ಟಿದ್ದೆ ಹನುಮಂತ ಇಂದು ಹಾಡುಗಾರರೆಲ್ಲರೂ ತಮ್ಮಲ್ಲಿ ಅಡಗಿರುವ ಸಂಗೀತ ಪ್ರತಿಭೆ ಹೊರತರಲು ಇಂತಹ ವೇದಿಕೆ ಸಹಕಾರಿ. ಈ ಸಂದರ್ಭದಲ್ಲಿ ಚಿತ್ರದುರ್ಗ ವಿಜಯ್ ಕುಮಾರ್, ಮಾಜಿ ನಗರಪಾಲಿಕೆ ಸದಸ್ಯರಾದ ಗಿರಿಜಾಧನಿಯಾಕುಮಾರ್, ಸಂತೋಷ್ ಗುರುಶಾಂತ್, ಕುಮಾರ್ ನಾಯಕ್, ಮಾರ್ಕೆಟ್ ರವಿ, ದಿನೇಶ್, ಶಾಂತಕುಮಾರ್, ಸುಮಂತ್, ಬಿ. ಜಿ. ರಘು ಪ್ರಭು, ಸಂಜಯ್ ಸೇರಿದಂತೆ ಹಲವರು ಉಪಸ್ಥಿತರಿದ್ದರು.
EDITOR, PUBLISHER, PRINTER & OWNED BY: H.S.PARAMESH, SRI LAKSHMI NARASIMHA OFFSET PRINTERS, 7TH CROSS, SRIRAMA NAGAR, TUMKUR, DIST-TUMKUR, KARNATAKA, PRINTED AT: SRI LAKSHMI NARASIMHA OFFSET PRINTERS, 7TH CROSS, SRIRAMA NAGAR, TUMKUR, DIST-TUMKUR, KARNATAKA,
ಇಂದು ಬೆಸ್ಕಾಂ ಗ್ರಾಹಕರ ಸಂವಾದ ಸಭೆ
ತುಮಕೂರು: ಬೆಸ್ಕಾಂ ನಗರ ಉಪವಿಭಾಗ-2ಕ್ಕೆ ಸಂಬಂಧಿಸಿದಂತೆ ಜುಲೈ 19ರಂದು ಮಧ್ಯಾಹ್ನ 3 ರಿಂದ 5:30 ಗಂಟೆವರೆಗೆ ಗ್ರಾಹಕರ ಸಂವಾದ ಸಭೆಯನ್ನು ಏರ್ಪಡಿಸಲಾಗಿದೆ. ಬೆಸ್ಕಾಂ ನಗರ ಉಪವಿಭಾಗ-2ರ ಕಚೇರಿಯಲ್ಲಿ ಗ್ರಾಹಕರ ಸಂವಾದ ಸಭೆ ನಡೆಯಲಿದ್ದು, ಎಸ್.ಎಸ್.ಪುರಂ, ಸರಸ್ವತಿಪುರಂ ಮತ್ತು ಜಯನಗರ ಪ್ರದೇಶದ ಗ್ರಾಹಕರು ತಮ್ಮ ವಿದ್ಯುತ್ ಸಮಸ್ಯೆಗಳ ಬಗ್ಗೆ ಸಭೆಗೆ ಹಾಜರಾಗಿ ತಮ್ಮ ಕುಂದುಕೊರತೆಗಳನ್ನು ಸಲ್ಲಿಸಿ ಪರಿಹಾರ ಪಡೆಯಬಹುದಾಗಿದೆ ಎಂದು ಸಹಾಯಕ ಕಾರ್ಯನಿರ್ವಾಹಕ ಇಂಜಿನಿಯರ್ ಮಹಾಬಲ್ ಪೊನಸ್ ಪ್ರಕಟಣೆಯಲ್ಲಿ ತಿಳಿಸಿದ್ದಾರೆ.
